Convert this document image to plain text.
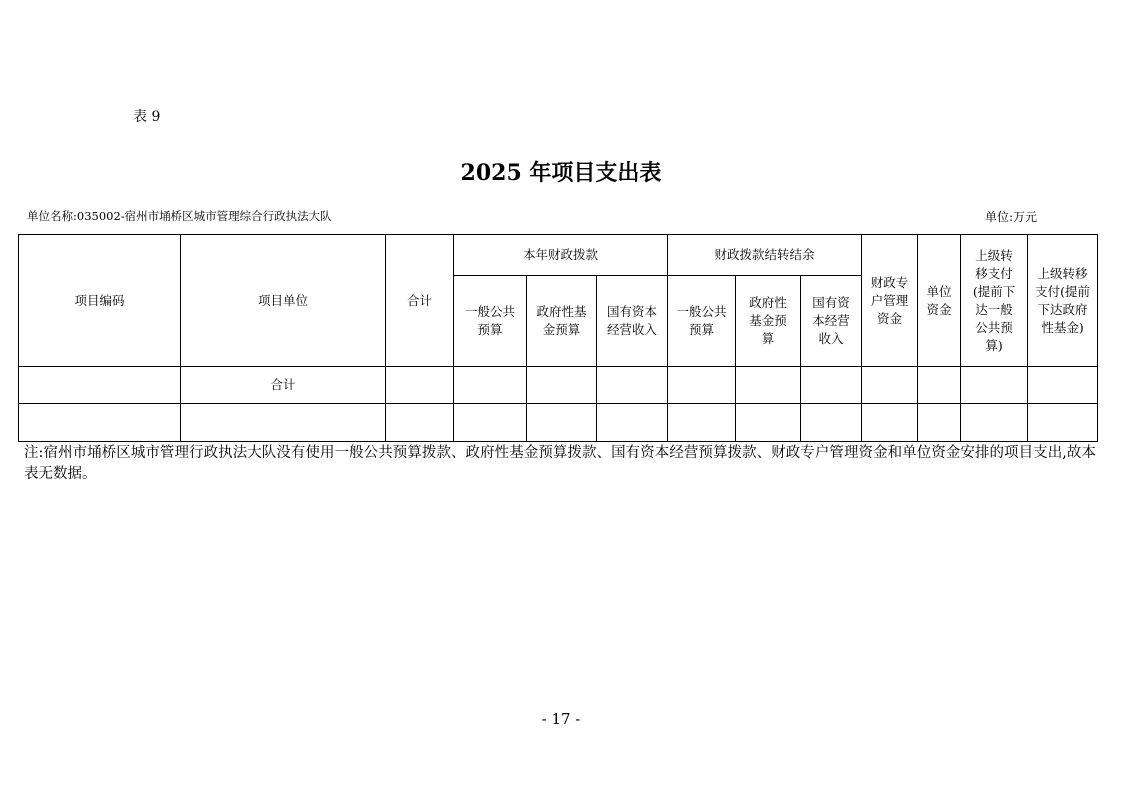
表 9
2025 年项目支出表
单位名称:035002-宿州市埇桥区城市管理综合行政执法大队	单位:万元
项目编码	项目单位	合计	本年财政拨款			财政拨款结转结余			财政专户管理资金	单位资金	上级转移支付(提前下达一般公共预算)	上级转移支付(提前下达政府性基金)
			一般公共预算	政府性基金预算	国有资本经营收入	一般公共预算	政府性基金预算	国有资本经营收入				
	合计											

注:宿州市埇桥区城市管理行政执法大队没有使用一般公共预算拨款、政府性基金预算拨款、国有资本经营预算拨款、财政专户管理资金和单位资金安排的项目支出,故本表无数据。
- 17 -
